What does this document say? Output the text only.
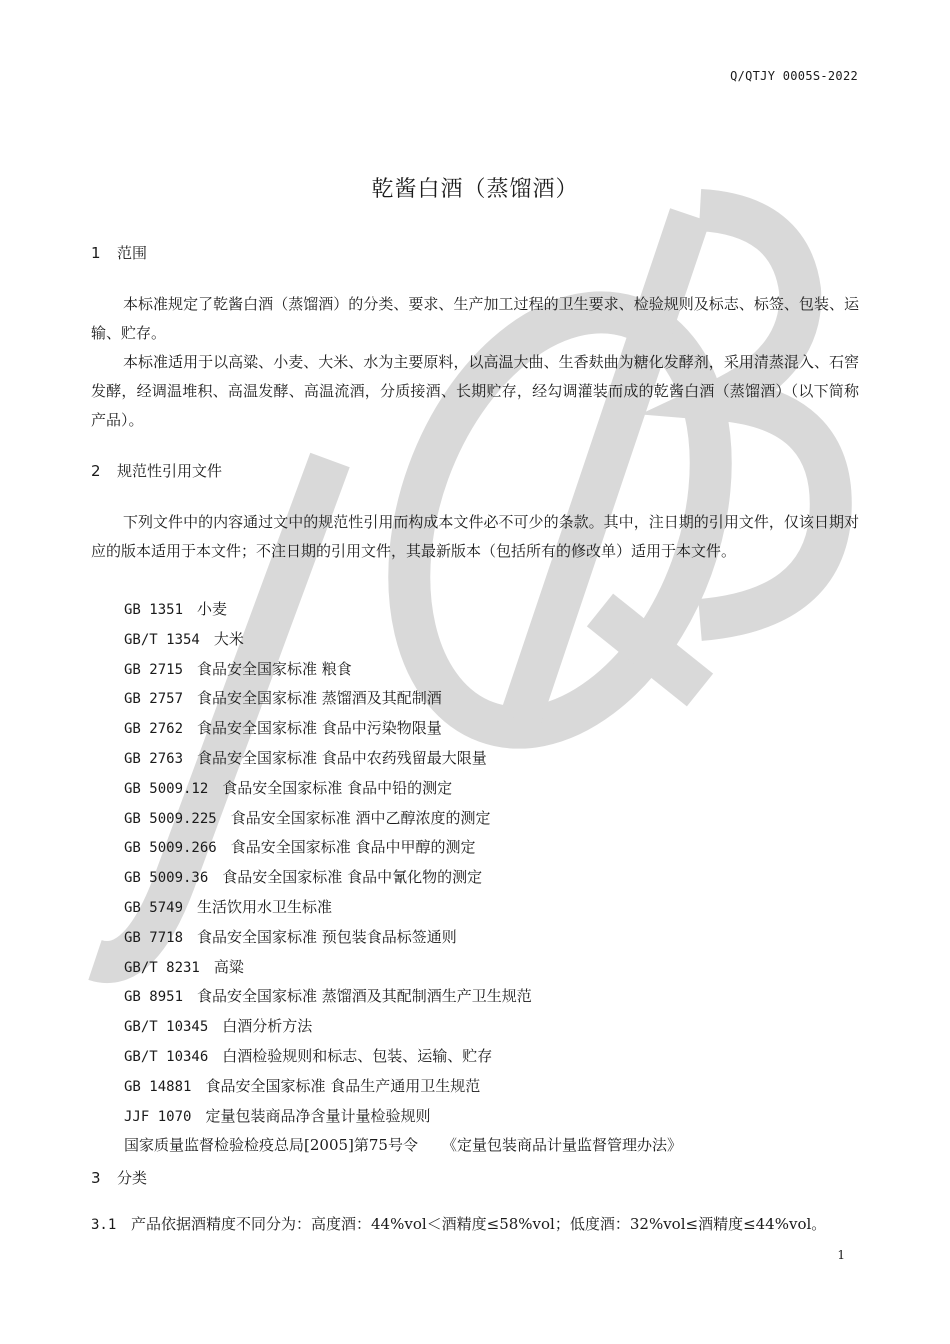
Q/QTJY 0005S-2022
乾酱白酒（蒸馏酒）
1 范围
本标准规定了乾酱白酒（蒸馏酒）的分类、要求、生产加工过程的卫生要求、检验规则及标志、标签、包装、运输、贮存。
本标准适用于以高粱、小麦、大米、水为主要原料，以高温大曲、生香麸曲为糖化发酵剂，采用清蒸混入、石窖发酵，经调温堆积、高温发酵、高温流酒，分质接酒、长期贮存，经勾调灌装而成的乾酱白酒（蒸馏酒）（以下简称产品）。
2 规范性引用文件
下列文件中的内容通过文中的规范性引用而构成本文件必不可少的条款。其中，注日期的引用文件，仅该日期对应的版本适用于本文件；不注日期的引用文件，其最新版本（包括所有的修改单）适用于本文件。
GB 1351 小麦
GB/T 1354 大米
GB 2715 食品安全国家标准 粮食
GB 2757 食品安全国家标准 蒸馏酒及其配制酒
GB 2762 食品安全国家标准 食品中污染物限量
GB 2763 食品安全国家标准 食品中农药残留最大限量
GB 5009.12 食品安全国家标准 食品中铅的测定
GB 5009.225 食品安全国家标准 酒中乙醇浓度的测定
GB 5009.266 食品安全国家标准 食品中甲醇的测定
GB 5009.36 食品安全国家标准 食品中氰化物的测定
GB 5749 生活饮用水卫生标准
GB 7718 食品安全国家标准 预包装食品标签通则
GB/T 8231 高粱
GB 8951 食品安全国家标准 蒸馏酒及其配制酒生产卫生规范
GB/T 10345 白酒分析方法
GB/T 10346 白酒检验规则和标志、包装、运输、贮存
GB 14881 食品安全国家标准 食品生产通用卫生规范
JJF 1070 定量包装商品净含量计量检验规则
国家质量监督检验检疫总局[2005]第75号令 《定量包装商品计量监督管理办法》
3 分类
3.1 产品依据酒精度不同分为：高度酒：44%vol＜酒精度≤58%vol；低度酒：32%vol≤酒精度≤44%vol。
1
